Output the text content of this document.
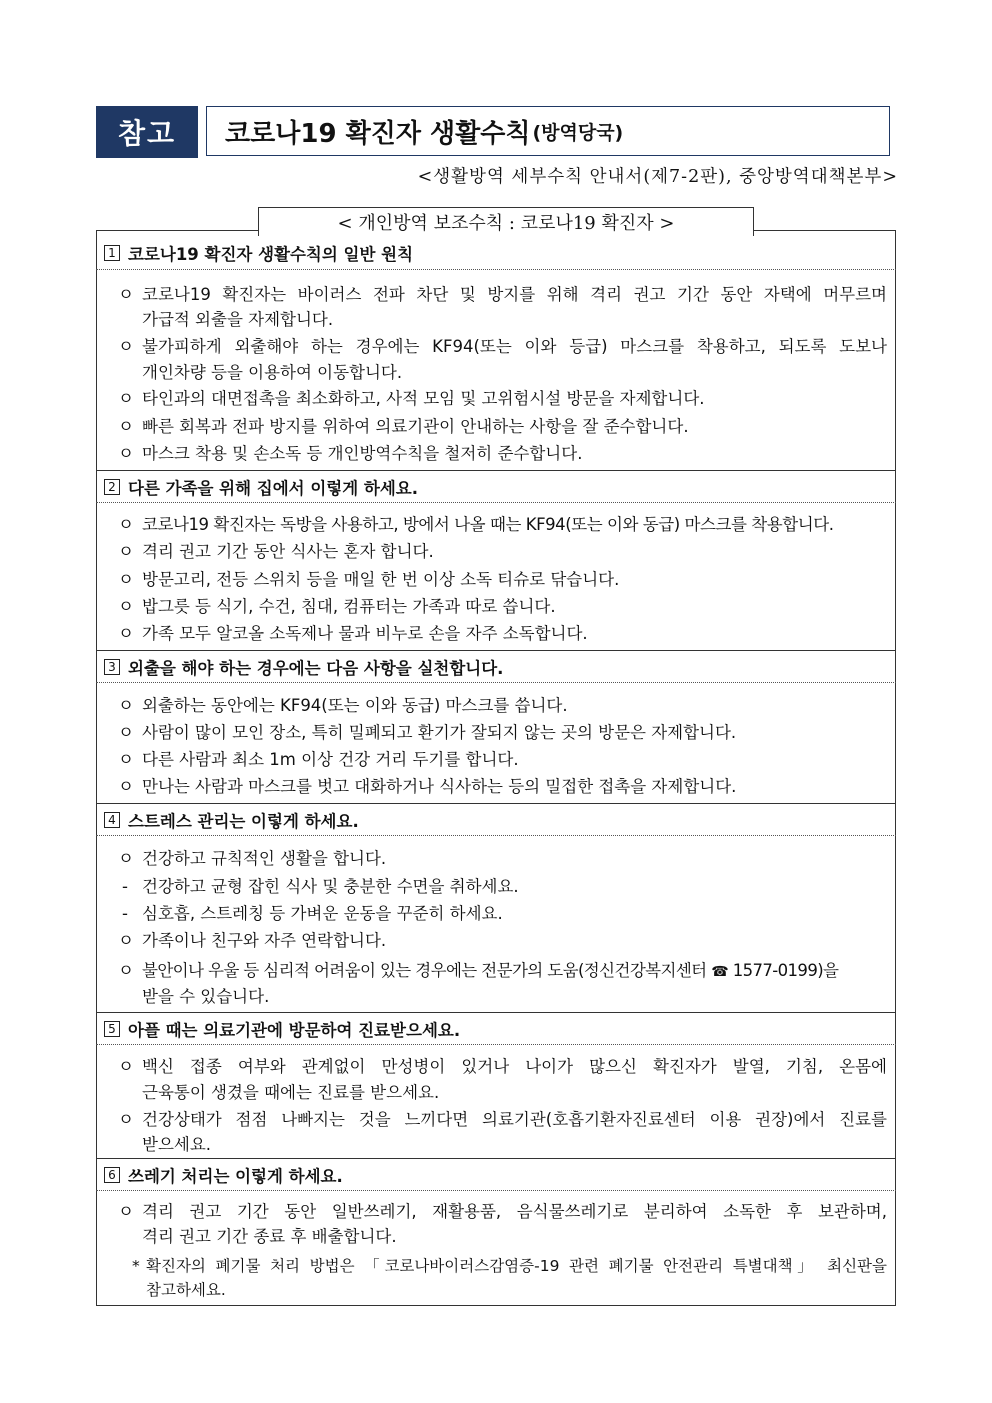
참고	코로나19 확진자 생활수칙 (방역당국)
<생활방역 세부수칙 안내서(제7-2판), 중앙방역대책본부>
< 개인방역 보조수칙 : 코로나19 확진자 >
1 코로나19 확진자 생활수칙의 일반 원칙
ㅇ 코로나19 확진자는 바이러스 전파 차단 및 방지를 위해 격리 권고 기간 동안 자택에 머무르며
가급적 외출을 자제합니다.
ㅇ 불가피하게 외출해야 하는 경우에는 KF94(또는 이와 등급) 마스크를 착용하고, 되도록 도보나
개인차량 등을 이용하여 이동합니다.
ㅇ 타인과의 대면접촉을 최소화하고, 사적 모임 및 고위험시설 방문을 자제합니다.
ㅇ 빠른 회복과 전파 방지를 위하여 의료기관이 안내하는 사항을 잘 준수합니다.
ㅇ 마스크 착용 및 손소독 등 개인방역수칙을 철저히 준수합니다.
2 다른 가족을 위해 집에서 이렇게 하세요.
ㅇ 코로나19 확진자는 독방을 사용하고, 방에서 나올 때는 KF94(또는 이와 동급) 마스크를 착용합니다.
ㅇ 격리 권고 기간 동안 식사는 혼자 합니다.
ㅇ 방문고리, 전등 스위치 등을 매일 한 번 이상 소독 티슈로 닦습니다.
ㅇ 밥그릇 등 식기, 수건, 침대, 컴퓨터는 가족과 따로 씁니다.
ㅇ 가족 모두 알코올 소독제나 물과 비누로 손을 자주 소독합니다.
3 외출을 해야 하는 경우에는 다음 사항을 실천합니다.
ㅇ 외출하는 동안에는 KF94(또는 이와 동급) 마스크를 씁니다.
ㅇ 사람이 많이 모인 장소, 특히 밀폐되고 환기가 잘되지 않는 곳의 방문은 자제합니다.
ㅇ 다른 사람과 최소 1m 이상 건강 거리 두기를 합니다.
ㅇ 만나는 사람과 마스크를 벗고 대화하거나 식사하는 등의 밀접한 접촉을 자제합니다.
4 스트레스 관리는 이렇게 하세요.
ㅇ 건강하고 규칙적인 생활을 합니다.
- 건강하고 균형 잡힌 식사 및 충분한 수면을 취하세요.
- 심호흡, 스트레칭 등 가벼운 운동을 꾸준히 하세요.
ㅇ 가족이나 친구와 자주 연락합니다.
ㅇ 불안이나 우울 등 심리적 어려움이 있는 경우에는 전문가의 도움(정신건강복지센터 ☎ 1577-0199)을
받을 수 있습니다.
5 아플 때는 의료기관에 방문하여 진료받으세요.
ㅇ 백신 접종 여부와 관계없이 만성병이 있거나 나이가 많으신 확진자가 발열, 기침, 온몸에
근육통이 생겼을 때에는 진료를 받으세요.
ㅇ 건강상태가 점점 나빠지는 것을 느끼다면 의료기관(호흡기환자진료센터 이용 권장)에서 진료를
받으세요.
6 쓰레기 처리는 이렇게 하세요.
ㅇ 격리 권고 기간 동안 일반쓰레기, 재활용품, 음식물쓰레기로 분리하여 소독한 후 보관하며,
격리 권고 기간 종료 후 배출합니다.
* 확진자의 폐기물 처리 방법은 「코로나바이러스감염증-19 관련 폐기물 안전관리 특별대책」 최신판을
참고하세요.
